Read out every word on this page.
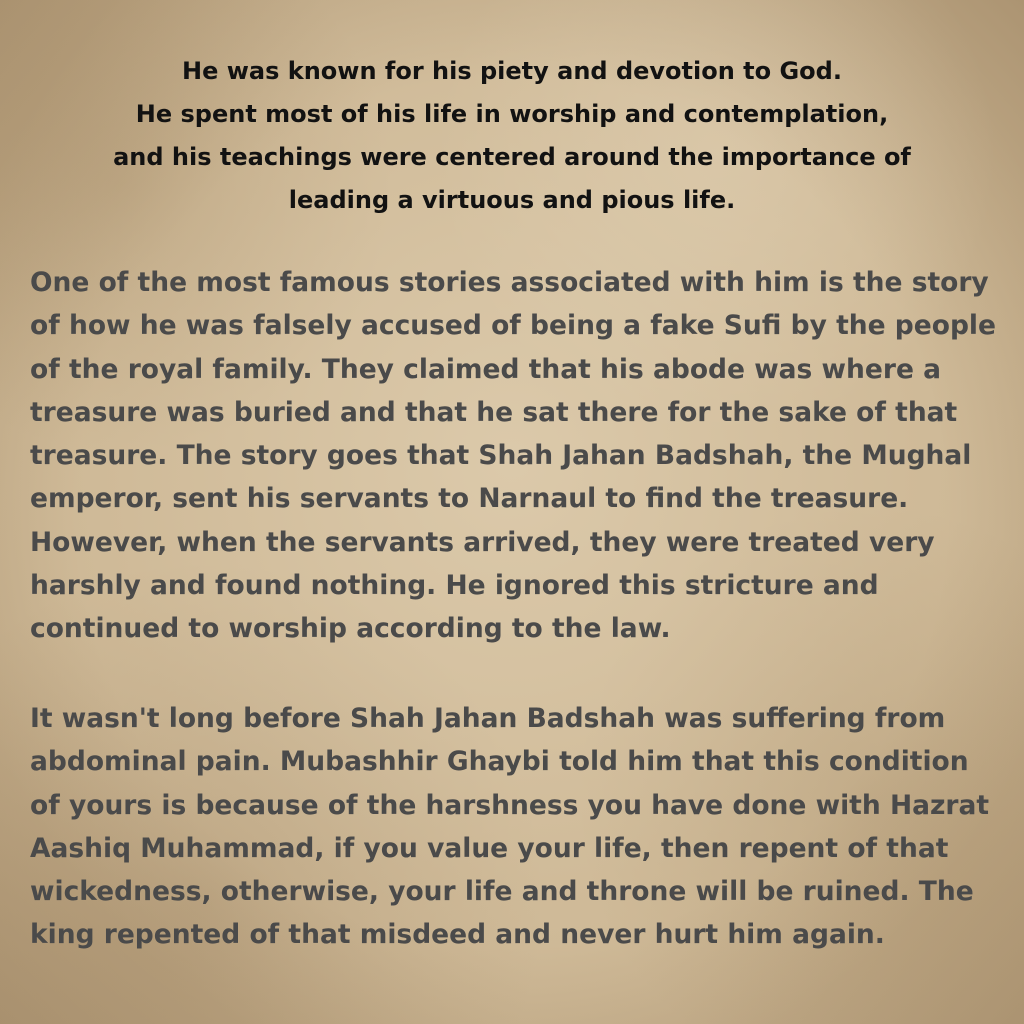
He was known for his piety and devotion to God.
He spent most of his life in worship and contemplation,
and his teachings were centered around the importance of
leading a virtuous and pious life.

One of the most famous stories associated with him is the story
of how he was falsely accused of being a fake Sufi by the people
of the royal family. They claimed that his abode was where a
treasure was buried and that he sat there for the sake of that
treasure. The story goes that Shah Jahan Badshah, the Mughal
emperor, sent his servants to Narnaul to find the treasure.
However, when the servants arrived, they were treated very
harshly and found nothing. He ignored this stricture and
continued to worship according to the law.

It wasn't long before Shah Jahan Badshah was suffering from
abdominal pain. Mubashhir Ghaybi told him that this condition
of yours is because of the harshness you have done with Hazrat
Aashiq Muhammad, if you value your life, then repent of that
wickedness, otherwise, your life and throne will be ruined. The
king repented of that misdeed and never hurt him again.
